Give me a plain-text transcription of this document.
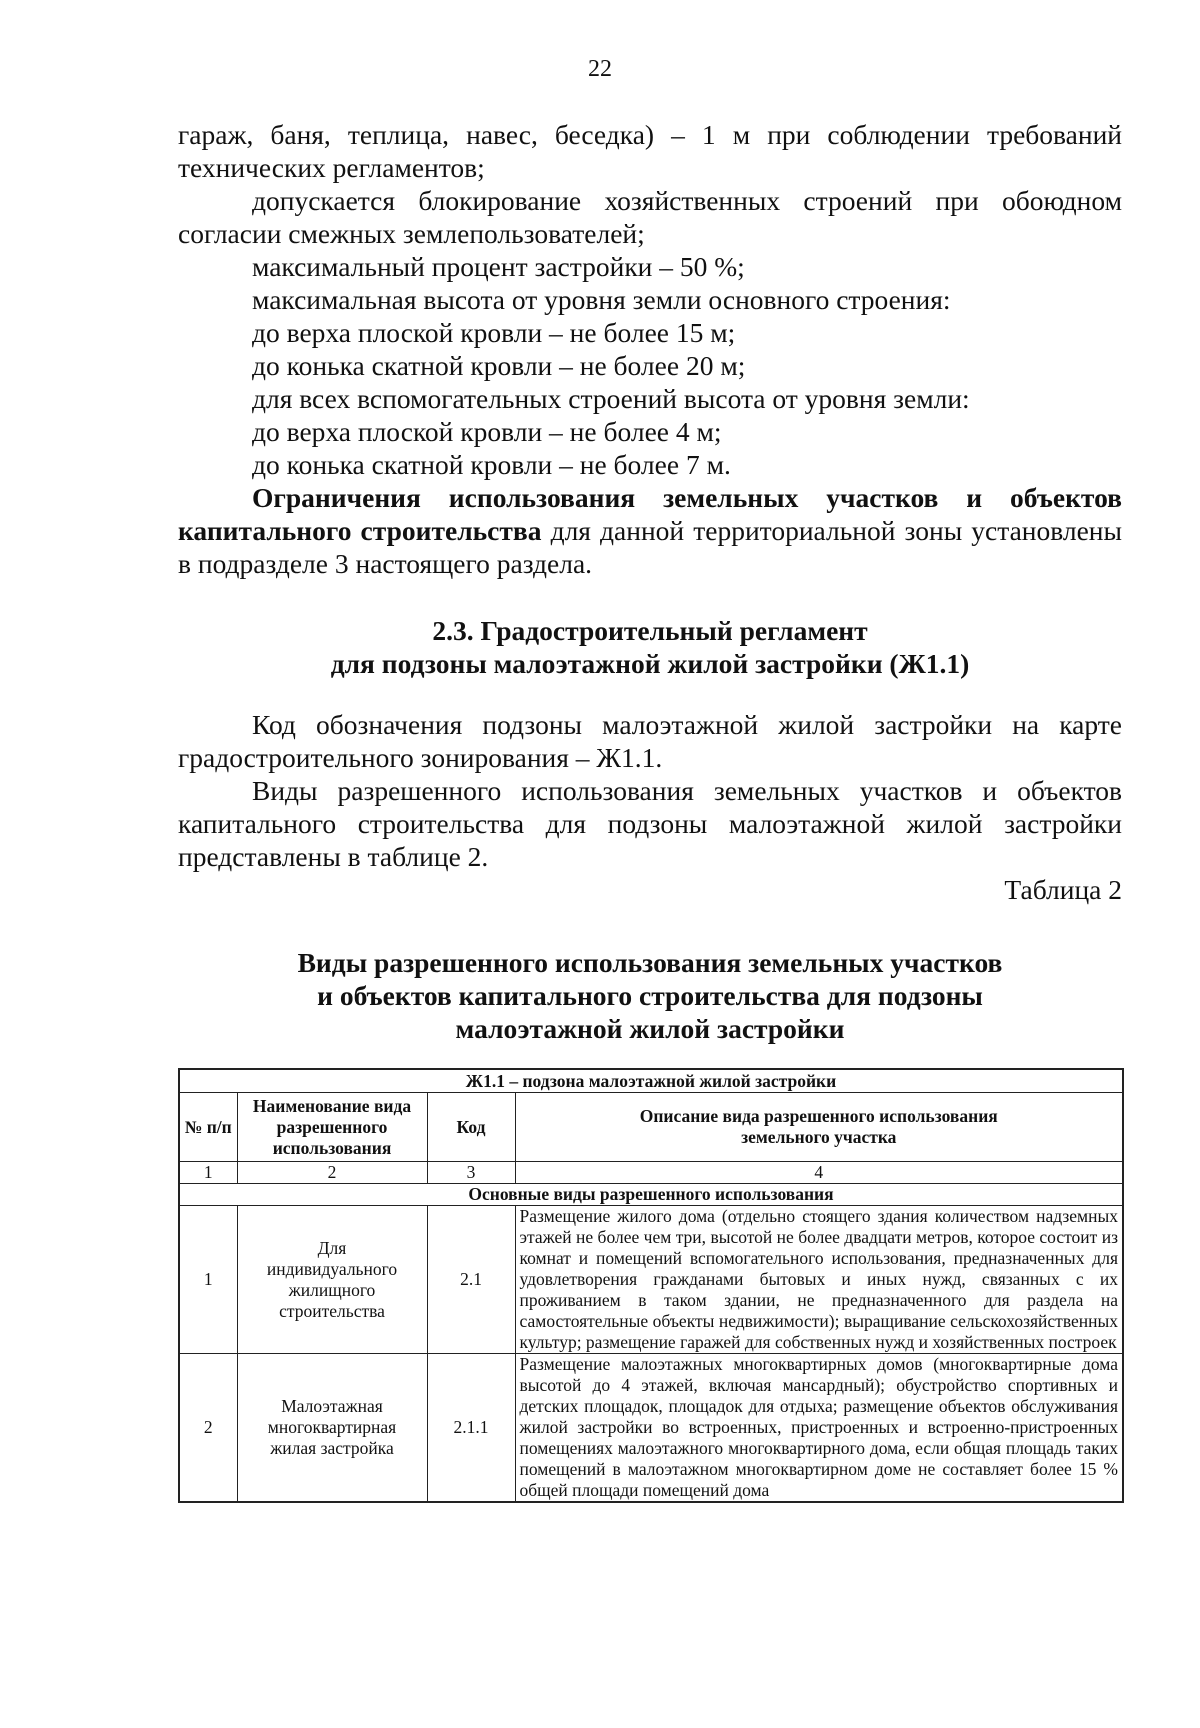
22

гараж, баня, теплица, навес, беседка) – 1 м при соблюдении требований технических регламентов;

допускается блокирование хозяйственных строений при обоюдном согласии смежных землепользователей;

максимальный процент застройки – 50 %;

максимальная высота от уровня земли основного строения:

до верха плоской кровли – не более 15 м;

до конька скатной кровли – не более 20 м;

для всех вспомогательных строений высота от уровня земли:

до верха плоской кровли – не более 4 м;

до конька скатной кровли – не более 7 м.

Ограничения использования земельных участков и объектов капитального строительства для данной территориальной зоны установлены в подразделе 3 настоящего раздела.

2.3. Градостроительный регламент
для подзоны малоэтажной жилой застройки (Ж1.1)

Код обозначения подзоны малоэтажной жилой застройки на карте градостроительного зонирования – Ж1.1.

Виды разрешенного использования земельных участков и объектов капитального строительства для подзоны малоэтажной жилой застройки представлены в таблице 2.

Таблица 2
Виды разрешенного использования земельных участков
и объектов капитального строительства для подзоны
малоэтажной жилой застройки
Ж1.1 – подзона малоэтажной жилой застройки			
№ п/п	Наименование вида разрешенного использования	Код	Описание вида разрешенного использования земельного участка
1	2	3	4
Основные виды разрешенного использования			
1	Для индивидуального жилищного строительства	2.1	Размещение жилого дома (отдельно стоящего здания количеством надземных этажей не более чем три, высотой не более двадцати метров, которое состоит из комнат и помещений вспомогательного использования, предназначенных для удовлетворения гражданами бытовых и иных нужд, связанных с их проживанием в таком здании, не предназначенного для раздела на самостоятельные объекты недвижимости); выращивание сельскохозяйственных культур; размещение гаражей для собственных нужд и хозяйственных построек
2	Малоэтажная многоквартирная жилая застройка	2.1.1	Размещение малоэтажных многоквартирных домов (многоквартирные дома высотой до 4 этажей, включая мансардный); обустройство спортивных и детских площадок, площадок для отдыха; размещение объектов обслуживания жилой застройки во встроенных, пристроенных и встроенно-пристроенных помещениях малоэтажного многоквартирного дома, если общая площадь таких помещений в малоэтажном многоквартирном доме не составляет более 15 % общей площади помещений дома
